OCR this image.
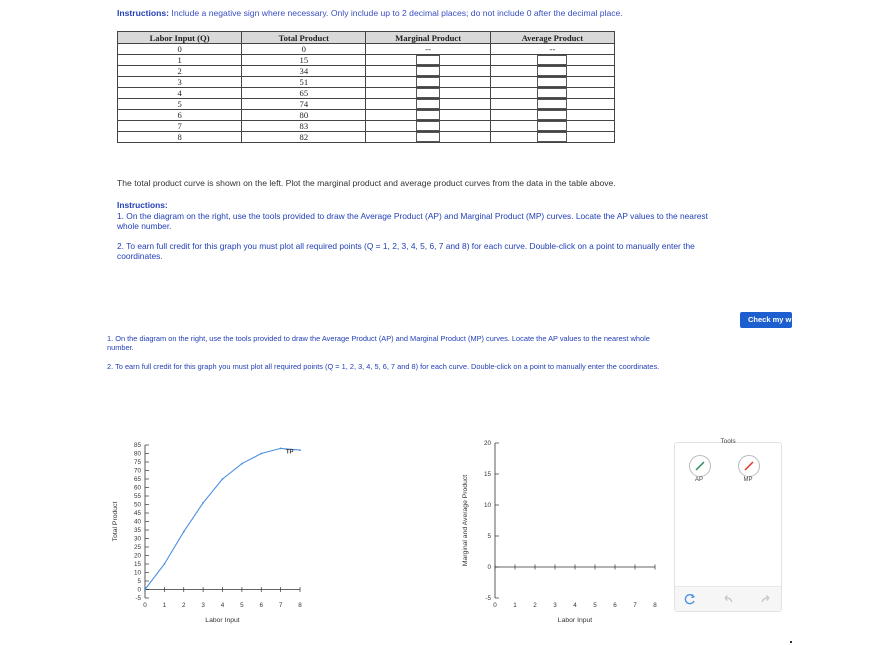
Instructions: Include a negative sign where necessary. Only include up to 2 decimal places; do not include 0 after the decimal place.
Labor Input (Q)	Total Product	Marginal Product	Average Product
0	0	--	--
1	15		
2	34		
3	51		
4	65		
5	74		
6	80		
7	83		
8	82		
The total product curve is shown on the left. Plot the marginal product and average product curves from the data in the table above.

Instructions:

1. On the diagram on the right, use the tools provided to draw the Average Product (AP) and Marginal Product (MP) curves. Locate the AP values to the nearest whole number.

2. To earn full credit for this graph you must plot all required points (Q = 1, 2, 3, 4, 5, 6, 7 and 8) for each curve. Double-click on a point to manually enter the coordinates.

Check my w

1. On the diagram on the right, use the tools provided to draw the Average Product (AP) and Marginal Product (MP) curves. Locate the AP values to the nearest whole number.

2. To earn full credit for this graph you must plot all required points (Q = 1, 2, 3, 4, 5, 6, 7 and 8) for each curve. Double-click on a point to manually enter the coordinates.

-5
0
5
10
15
20
25
30
35
40
45
50
55
60
65
70
75
80
85
0	1	2	3	4	5	6	7	8
Labor Input
Total Product
TP
-5
0
5
10
15
20
0	1	2	3	4	5	6	7	8
Labor Input
Marginal and Average Product
Tools
AP	MP
